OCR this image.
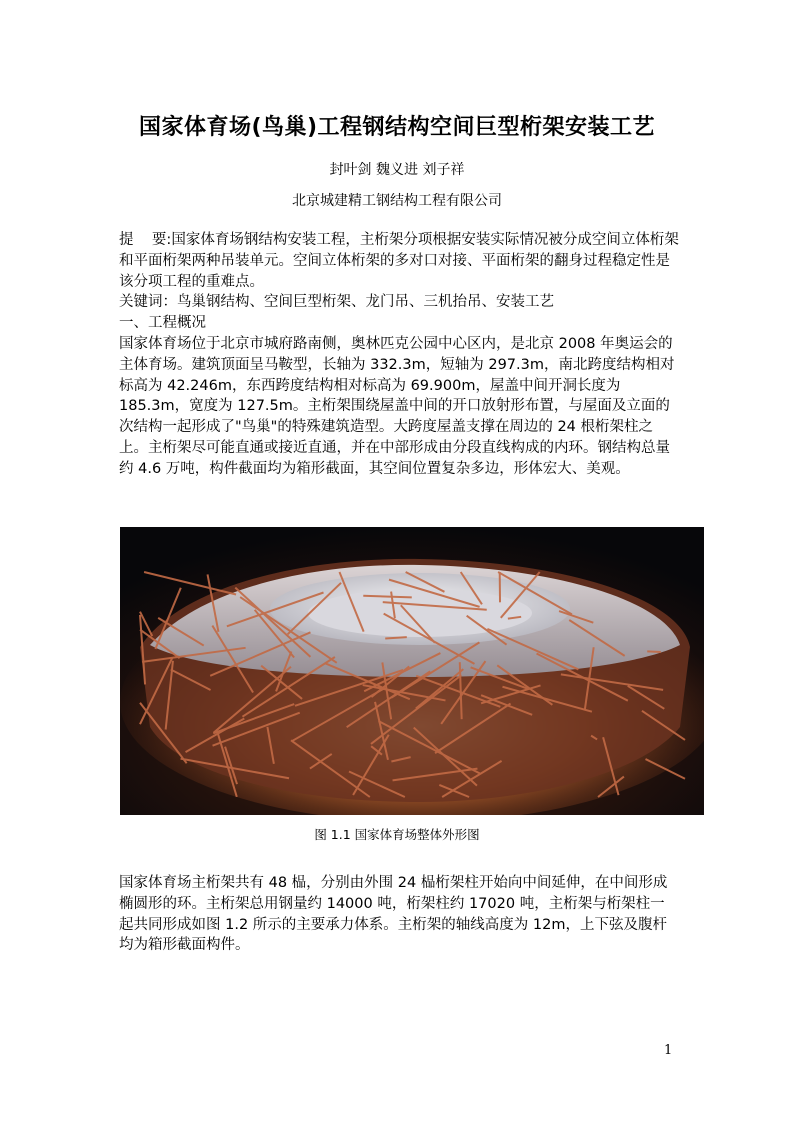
国家体育场(鸟巢)工程钢结构空间巨型桁架安装工艺
封叶剑 魏义进 刘子祥
北京城建精工钢结构工程有限公司
提    要:国家体育场钢结构安装工程，主桁架分项根据安装实际情况被分成空间立体桁架和平面桁架两种吊装单元。空间立体桁架的多对口对接、平面桁架的翻身过程稳定性是该分项工程的重难点。
关键词：鸟巢钢结构、空间巨型桁架、龙门吊、三机抬吊、安装工艺
一、工程概况
国家体育场位于北京市城府路南侧，奥林匹克公园中心区内，是北京 2008 年奥运会的主体育场。建筑顶面呈马鞍型，长轴为 332.3m，短轴为 297.3m，南北跨度结构相对标高为 42.246m，东西跨度结构相对标高为 69.900m，屋盖中间开洞长度为 185.3m，宽度为 127.5m。主桁架围绕屋盖中间的开口放射形布置，与屋面及立面的次结构一起形成了"鸟巢"的特殊建筑造型。大跨度屋盖支撑在周边的 24 根桁架柱之上。主桁架尽可能直通或接近直通，并在中部形成由分段直线构成的内环。钢结构总量约 4.6 万吨，构件截面均为箱形截面，其空间位置复杂多边，形体宏大、美观。
图 1.1 国家体育场整体外形图
国家体育场主桁架共有 48 榀，分别由外围 24 榀桁架柱开始向中间延伸，在中间形成椭圆形的环。主桁架总用钢量约 14000 吨，桁架柱约 17020 吨，主桁架与桁架柱一起共同形成如图 1.2 所示的主要承力体系。主桁架的轴线高度为 12m，上下弦及腹杆均为箱形截面构件。
1
